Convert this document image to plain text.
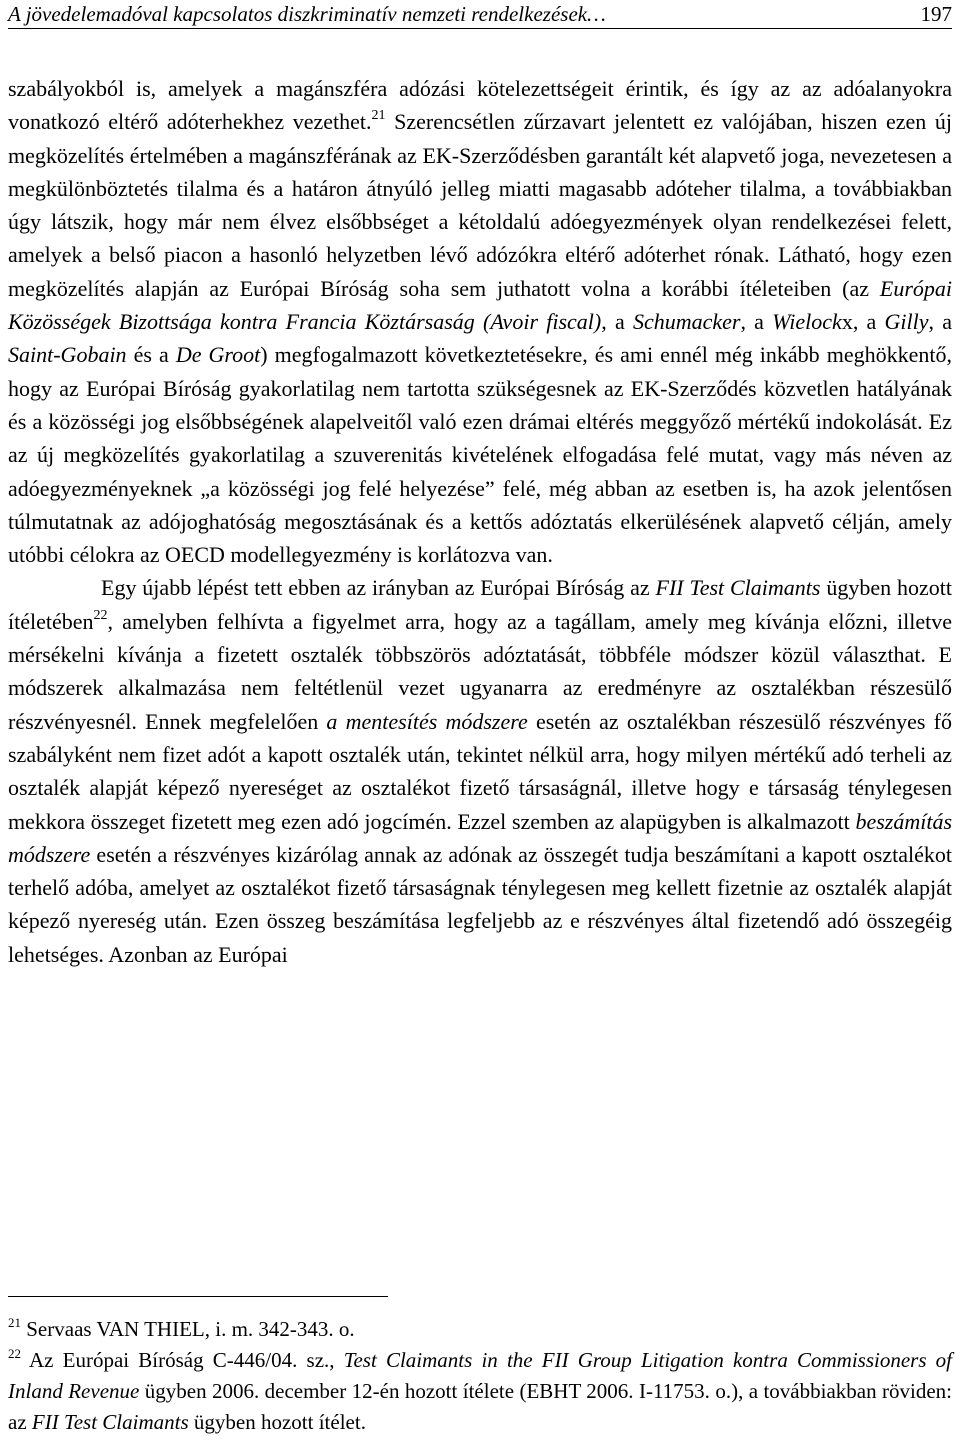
A jövedelemadóval kapcsolatos diszkriminatív nemzeti rendelkezések…	197

szabályokból is, amelyek a magánszféra adózási kötelezettségeit érintik, és így az az adóalanyokra vonatkozó eltérő adóterhekhez vezethet.$^{21}$ Szerencsétlen zűrzavart jelentett ez valójában, hiszen ezen új megközelítés értelmében a magánszférának az EK-Szerződésben garantált két alapvető joga, nevezetesen a megkülönböztetés tilalma és a határon átnyúló jelleg miatti magasabb adóteher tilalma, a továbbiakban úgy látszik, hogy már nem élvez elsőbbséget a kétoldalú adóegyezmények olyan rendelkezései felett, amelyek a belső piacon a hasonló helyzetben lévő adózókra eltérő adóterhet rónak. Látható, hogy ezen megközelítés alapján az Európai Bíróság soha sem juthatott volna a korábbi ítéleteiben (az Európai Közösségek Bizottsága kontra Francia Köztársaság (Avoir fiscal), a Schumacker, a Wielockx, a Gilly, a Saint-Gobain és a De Groot) megfogalmazott következtetésekre, és ami ennél még inkább meghökkentő, hogy az Európai Bíróság gyakorlatilag nem tartotta szükségesnek az EK-Szerződés közvetlen hatályának és a közösségi jog elsőbbségének alapelveitől való ezen drámai eltérés meggyőző mértékű indokolását. Ez az új megközelítés gyakorlatilag a szuverenitás kivételének elfogadása felé mutat, vagy más néven az adóegyezményeknek „a közösségi jog felé helyezése” felé, még abban az esetben is, ha azok jelentősen túlmutatnak az adójoghatóság megosztásának és a kettős adóztatás elkerülésének alapvető célján, amely utóbbi célokra az OECD modellegyezmény is korlátozva van.

Egy újabb lépést tett ebben az irányban az Európai Bíróság az FII Test Claimants ügyben hozott ítéletében$^{22}$, amelyben felhívta a figyelmet arra, hogy az a tagállam, amely meg kívánja előzni, illetve mérsékelni kívánja a fizetett osztalék többszörös adóztatását, többféle módszer közül választhat. E módszerek alkalmazása nem feltétlenül vezet ugyanarra az eredményre az osztalékban részesülő részvényesnél. Ennek megfelelően a mentesítés módszere esetén az osztalékban részesülő részvényes fő szabályként nem fizet adót a kapott osztalék után, tekintet nélkül arra, hogy milyen mértékű adó terheli az osztalék alapját képező nyereséget az osztalékot fizető társaságnál, illetve hogy e társaság ténylegesen mekkora összeget fizetett meg ezen adó jogcímén. Ezzel szemben az alapügyben is alkalmazott beszámítás módszere esetén a részvényes kizárólag annak az adónak az összegét tudja beszámítani a kapott osztalékot terhelő adóba, amelyet az osztalékot fizető társaságnak ténylegesen meg kellett fizetnie az osztalék alapját képező nyereség után. Ezen összeg beszámítása legfeljebb az e részvényes által fizetendő adó összegéig lehetséges. Azonban az Európai

$^{21}$ Servaas VAN THIEL, i. m. 342-343. o.

$^{22}$ Az Európai Bíróság C-446/04. sz., Test Claimants in the FII Group Litigation kontra Commissioners of Inland Revenue ügyben 2006. december 12-én hozott ítélete (EBHT 2006. I-11753. o.), a továbbiakban röviden: az FII Test Claimants ügyben hozott ítélet.
